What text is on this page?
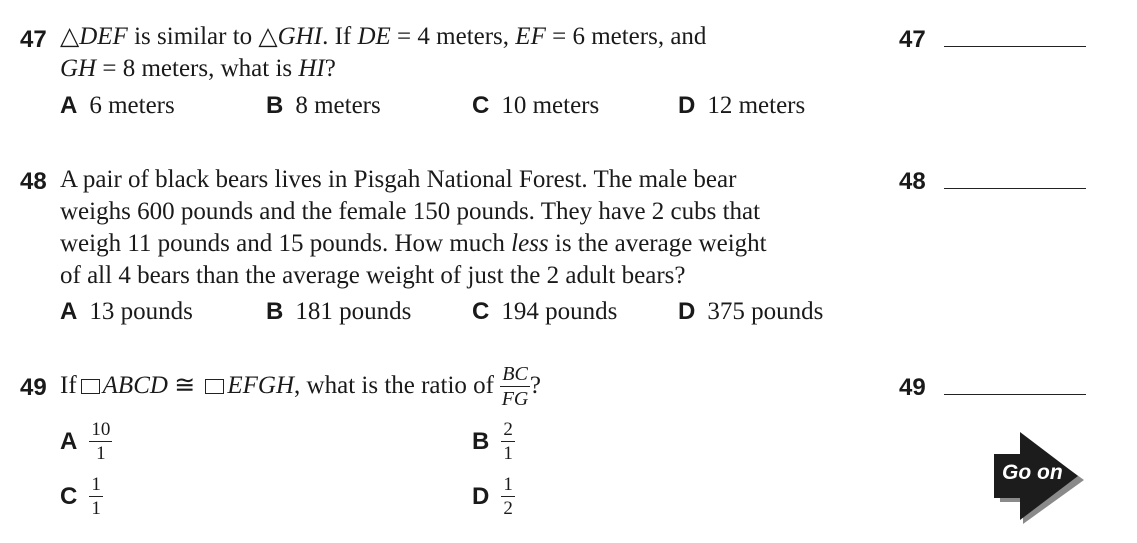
47 △DEF is similar to △GHI. If DE = 4 meters, EF = 6 meters, and
GH = 8 meters, what is HI?
A 6 meters	B 8 meters	C 10 meters	D 12 meters
48 A pair of black bears lives in Pisgah National Forest. The male bear
weighs 600 pounds and the female 150 pounds. They have 2 cubs that
weigh 11 pounds and 15 pounds. How much less is the average weight
of all 4 bears than the average weight of just the 2 adult bears?
A 13 pounds	B 181 pounds	C 194 pounds	D 375 pounds
49 If ABCD ≅ EFGH , what is the ratio of $\frac{BC}{FG}$ ?
A $\frac{10}{1}$	B $\frac{2}{1}$
C $\frac{1}{1}$	D $\frac{1}{2}$
47
48
49
Go on
